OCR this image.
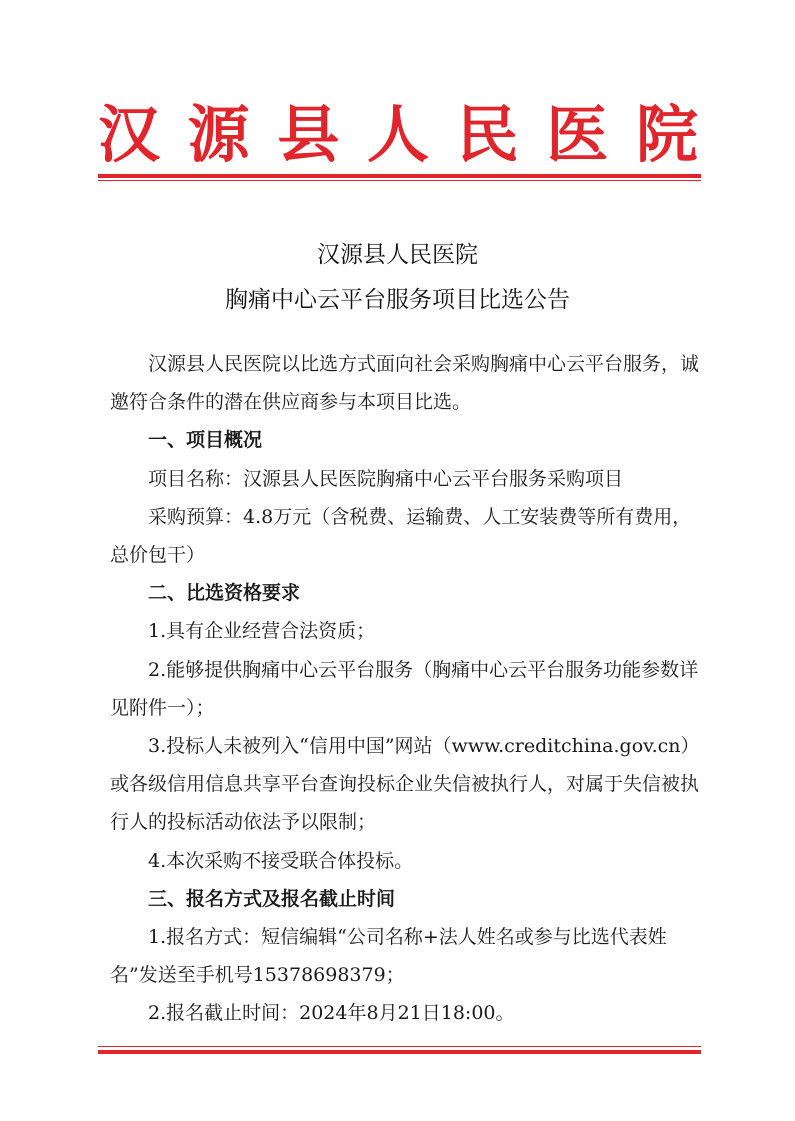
汉 源 县 人 民 医 院
汉源县人民医院
胸痛中心云平台服务项目比选公告

汉源县人民医院以比选方式面向社会采购胸痛中心云平台服务，诚邀符合条件的潜在供应商参与本项目比选。

一、项目概况

项目名称：汉源县人民医院胸痛中心云平台服务采购项目

采购预算：4.8万元（含税费、运输费、人工安装费等所有费用，总价包干）

二、比选资格要求

1.具有企业经营合法资质；

2.能够提供胸痛中心云平台服务（胸痛中心云平台服务功能参数详见附件一）；

3.投标人未被列入“信用中国”网站（www.creditchina.gov.cn）或各级信用信息共享平台查询投标企业失信被执行人，对属于失信被执行人的投标活动依法予以限制；

4.本次采购不接受联合体投标。

三、报名方式及报名截止时间

1.报名方式：短信编辑“公司名称+法人姓名或参与比选代表姓名”发送至手机号15378698379；

2.报名截止时间：2024年8月21日18:00。
